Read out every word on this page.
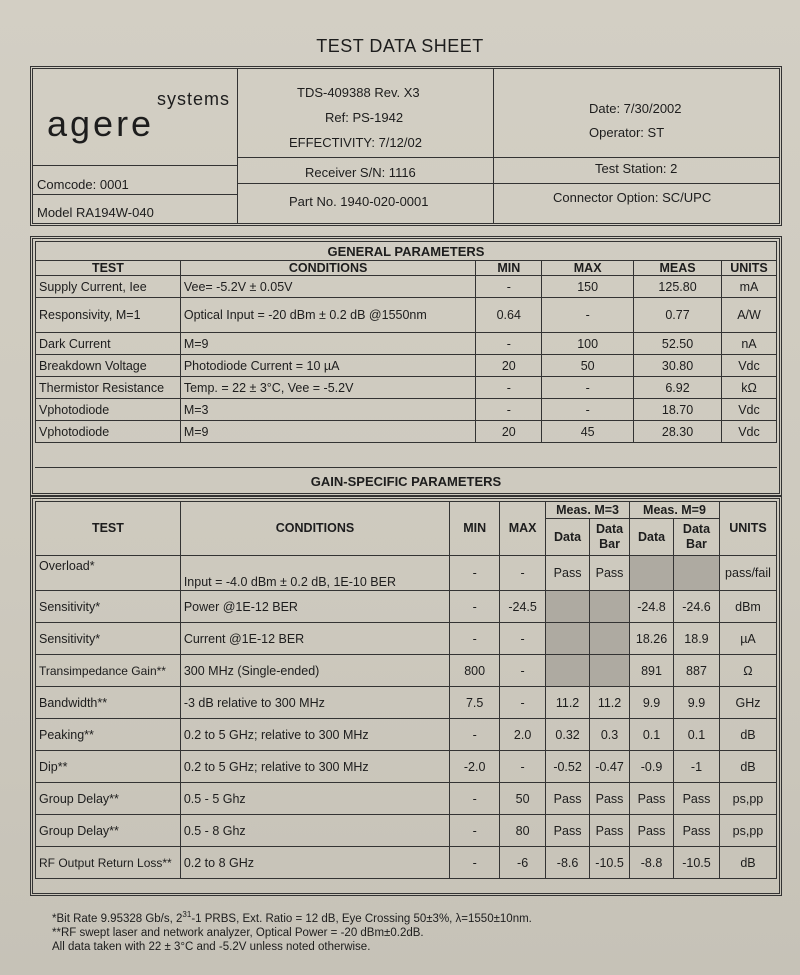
TEST DATA SHEET
systems
agere
TDS-409388 Rev. X3
Ref: PS-1942
EFFECTIVITY: 7/12/02
Date: 7/30/2002
Operator: ST
Comcode: 0001
Model RA194W-040
Receiver S/N: 1116
Part No. 1940-020-0001
Test Station: 2
Connector Option: SC/UPC
GENERAL PARAMETERS					
TEST	CONDITIONS	MIN	MAX	MEAS	UNITS
Supply Current, Iee	Vee= -5.2V ± 0.05V	-	150	125.80	mA
Responsivity, M=1	Optical Input = -20 dBm ± 0.2 dB @1550nm	0.64	-	0.77	A/W
Dark Current	M=9	-	100	52.50	nA
Breakdown Voltage	Photodiode Current = 10 µA	20	50	30.80	Vdc
Thermistor Resistance	Temp. = 22 ± 3°C, Vee = -5.2V	-	-	6.92	kΩ
Vphotodiode	M=3	-	-	18.70	Vdc
Vphotodiode	M=9	20	45	28.30	Vdc
GAIN-SPECIFIC PARAMETERS
TEST	CONDITIONS	MIN	MAX	Meas. M=3		Meas. M=9		UNITS
				Data	Data Bar	Data	Data Bar	
Overload*	Input = -4.0 dBm ± 0.2 dB, 1E-10 BER	-	-	Pass	Pass			pass/fail
Sensitivity*	Power @1E-12 BER	-	-24.5			-24.8	-24.6	dBm
Sensitivity*	Current @1E-12 BER	-	-			18.26	18.9	µA
Transimpedance Gain**	300 MHz (Single-ended)	800	-			891	887	Ω
Bandwidth**	-3 dB relative to 300 MHz	7.5	-	11.2	11.2	9.9	9.9	GHz
Peaking**	0.2 to 5 GHz; relative to 300 MHz	-	2.0	0.32	0.3	0.1	0.1	dB
Dip**	0.2 to 5 GHz; relative to 300 MHz	-2.0	-	-0.52	-0.47	-0.9	-1	dB
Group Delay**	0.5 - 5 Ghz	-	50	Pass	Pass	Pass	Pass	ps,pp
Group Delay**	0.5 - 8 Ghz	-	80	Pass	Pass	Pass	Pass	ps,pp
RF Output Return Loss**	0.2 to 8 GHz	-	-6	-8.6	-10.5	-8.8	-10.5	dB
*Bit Rate 9.95328 Gb/s, $2^{31}-1$ PRBS, Ext. Ratio = 12 dB, Eye Crossing 50±3%, λ=1550±10nm.
**RF swept laser and network analyzer, Optical Power = -20 dBm±0.2dB.
All data taken with 22 ± 3°C and -5.2V unless noted otherwise.
